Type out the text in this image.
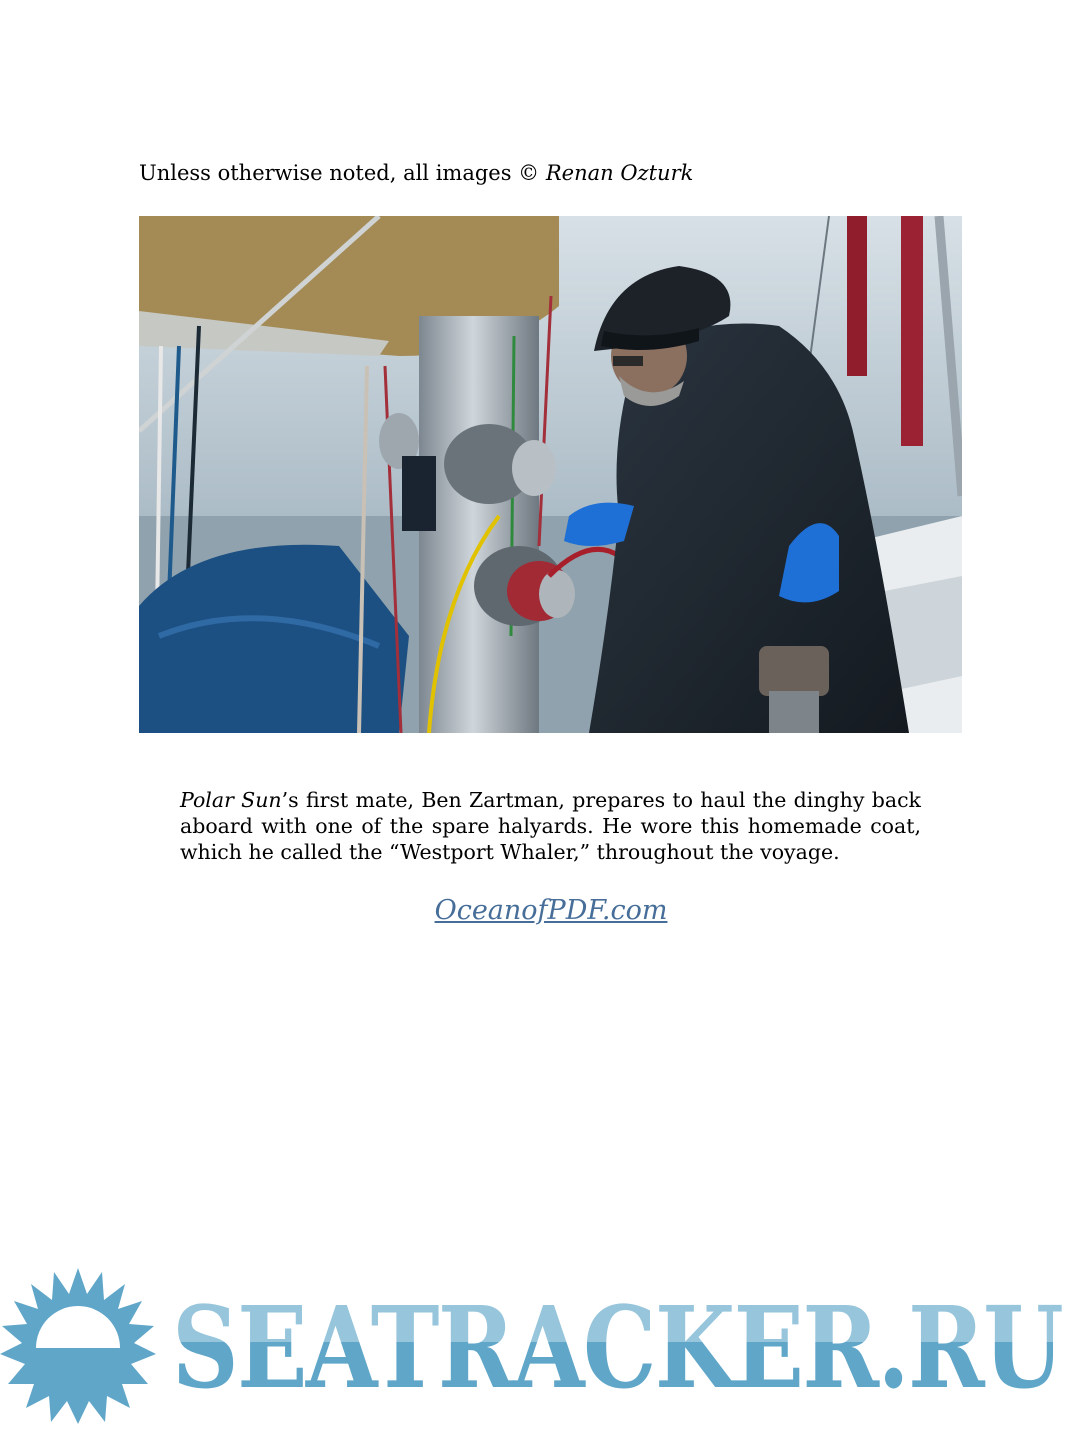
Unless otherwise noted, all images © Renan Ozturk
Polar Sun’s first mate, Ben Zartman, prepares to haul the dinghy back aboard with one of the spare halyards. He wore this homemade coat, which he called the “Westport Whaler,” throughout the voyage.
OceanofPDF.com
SEATRACKER.RU
